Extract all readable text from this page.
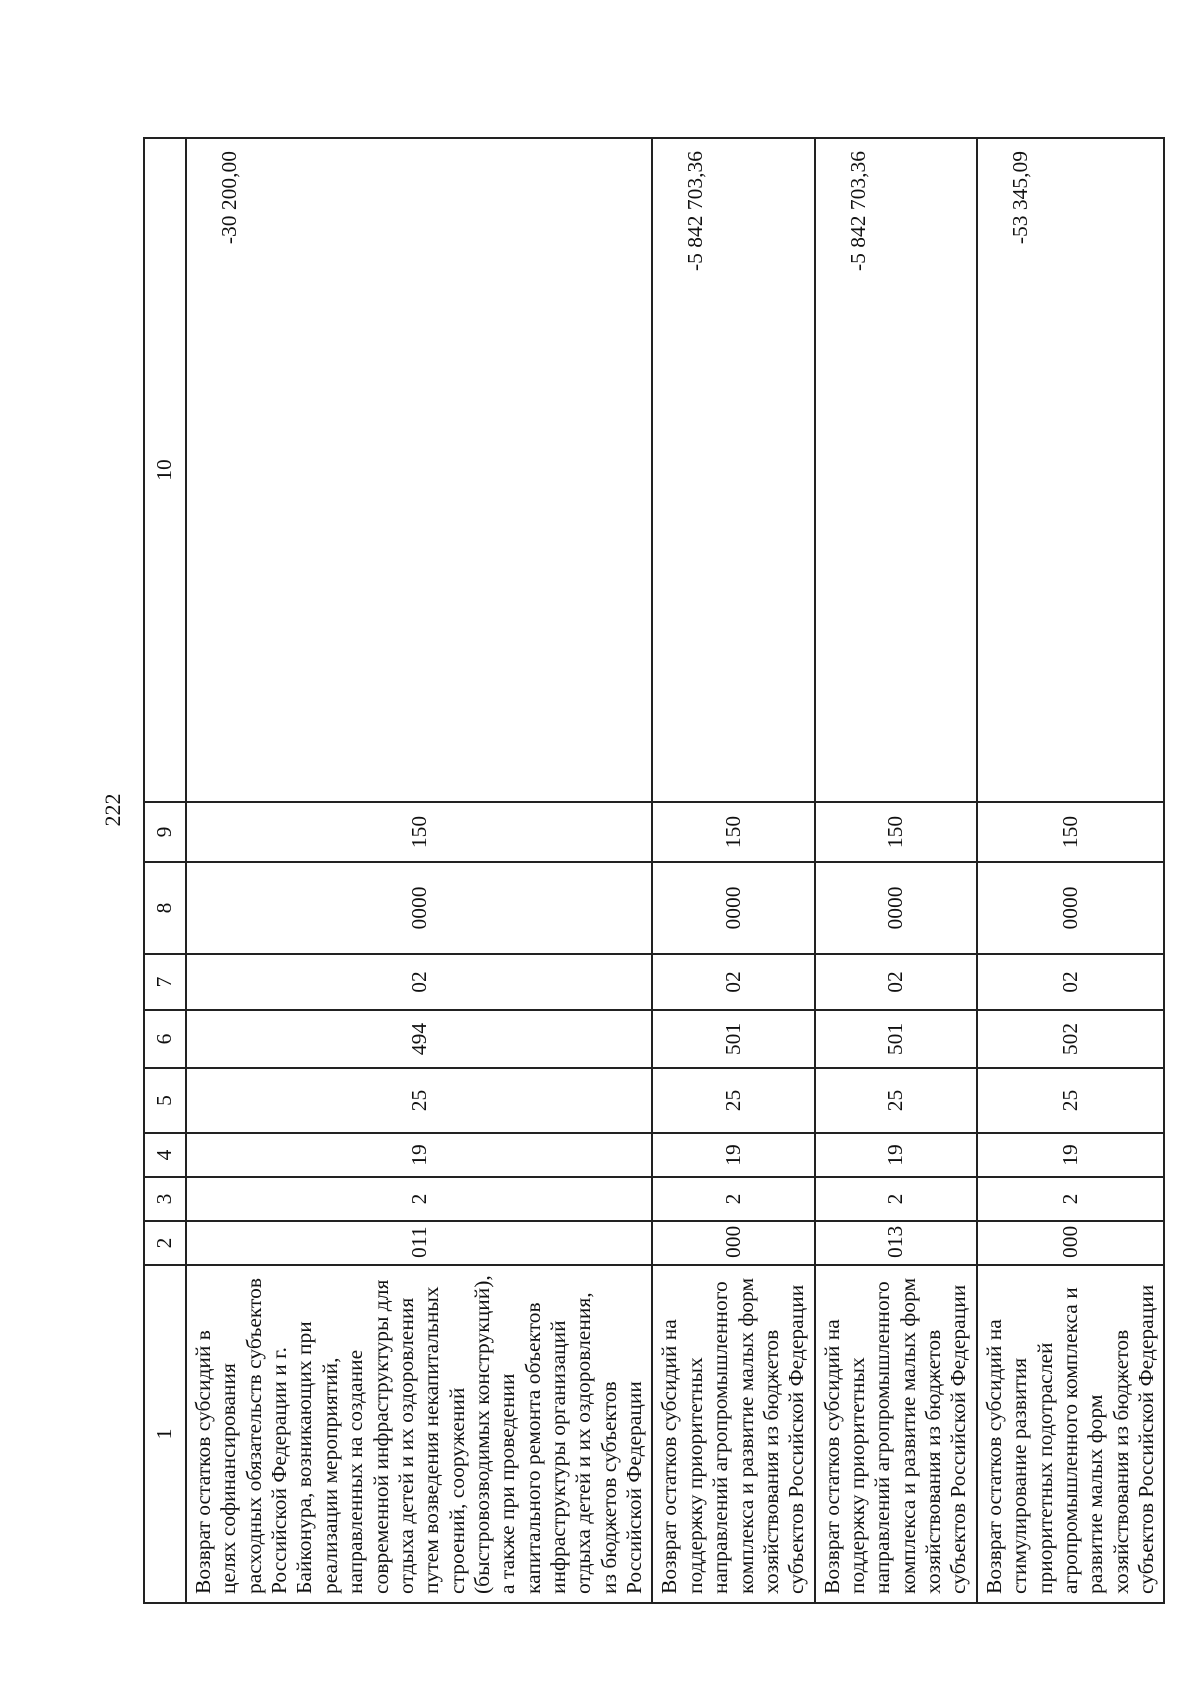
222
1	2	3	4	5	6	7	8	9	10
Возврат остатков субсидий в целях софинансирования расходных обязательств субъектов Российской Федерации и г. Байконура, возникающих при реализации мероприятий, направленных на создание современной инфраструктуры для отдыха детей и их оздоровления путем возведения некапитальных строений, сооружений (быстровозводимых конструкций), а также при проведении капитального ремонта объектов инфраструктуры организаций отдыха детей и их оздоровления, из бюджетов субъектов Российской Федерации	011	2	19	25	494	02	0000	150	-30 200,00
Возврат остатков субсидий на поддержку приоритетных направлений агропромышленного комплекса и развитие малых форм хозяйствования из бюджетов субъектов Российской Федерации	000	2	19	25	501	02	0000	150	-5 842 703,36
Возврат остатков субсидий на поддержку приоритетных направлений агропромышленного комплекса и развитие малых форм хозяйствования из бюджетов субъектов Российской Федерации	013	2	19	25	501	02	0000	150	-5 842 703,36
Возврат остатков субсидий на стимулирование развития приоритетных подотраслей агропромышленного комплекса и развитие малых форм хозяйствования из бюджетов субъектов Российской Федерации	000	2	19	25	502	02	0000	150	-53 345,09
